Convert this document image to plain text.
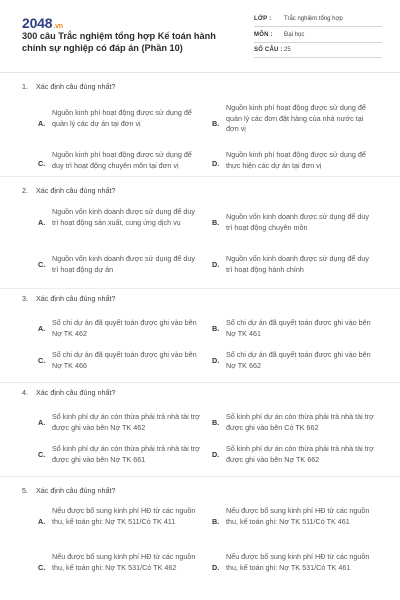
2048.vn
300 câu Trắc nghiệm tổng hợp Kế toán hành chính sự nghiệp có đáp án (Phần 10)
LỚP : Trắc nghiệm tổng hợp
MÔN : Đại học
SỐ CÂU : 25
1. Xác định câu đúng nhất?
A.
Nguồn kinh phí hoạt động được sử dụng để quản lý các dự án tại đơn vị	B.
Nguồn kinh phí hoạt động được sử dụng để quản lý các đơn đặt hàng của nhà nước tại đơn vị
C.
Nguồn kinh phí hoạt động được sử dụng để duy trì hoạt động chuyên môn tại đơn vị	D.
Nguồn kinh phí hoạt động được sử dụng để thực hiện các dự án tại đơn vị
2. Xác định câu đúng nhất?
A.
Nguồn vốn kinh doanh được sử dụng để duy trì hoạt động sản xuất, cung ứng dịch vụ	B.
Nguồn vốn kinh doanh được sử dụng để duy trì hoạt động chuyên môn
C.
Nguồn vốn kinh doanh được sử dụng để duy trì hoạt động dự án	D.
Nguồn vốn kinh doanh được sử dụng để duy trì hoạt động hành chính
3. Xác định câu đúng nhất?
A.
Số chi dự án đã quyết toán được ghi vào bên Nợ TK 462	B.
Số chi dự án đã quyết toán được ghi vào bên Nợ TK 461
C.
Số chi dự án đã quyết toán được ghi vào bên Nợ TK 466	D.
Số chi dự án đã quyết toán được ghi vào bên Nợ TK 662
4. Xác định câu đúng nhất?
A.
Số kinh phí dự án còn thừa phải trả nhà tài trợ được ghi vào bên Nợ TK 462	B.
Số kinh phí dự án còn thừa phải trả nhà tài trợ được ghi vào bên Có TK 662
C.
Số kinh phí dự án còn thừa phải trả nhà tài trợ được ghi vào bên Nợ TK 661	D.
Số kinh phí dự án còn thừa phải trả nhà tài trợ được ghi vào bên Nợ TK 662
5. Xác định câu đúng nhất?
A.
Nếu được bổ sung kinh phí HĐ từ các nguồn thu, kế toán ghi: Nợ TK 511/Có TK 411	B.
Nếu được bổ sung kinh phí HĐ từ các nguồn thu, kế toán ghi: Nợ TK 511/Có TK 461
C.
Nếu được bổ sung kinh phí HĐ từ các nguồn thu, kế toán ghi: Nợ TK 531/Có TK 462	D.
Nếu được bổ sung kinh phí HĐ từ các nguồn thu, kế toán ghi: Nợ TK 531/Có TK 461
